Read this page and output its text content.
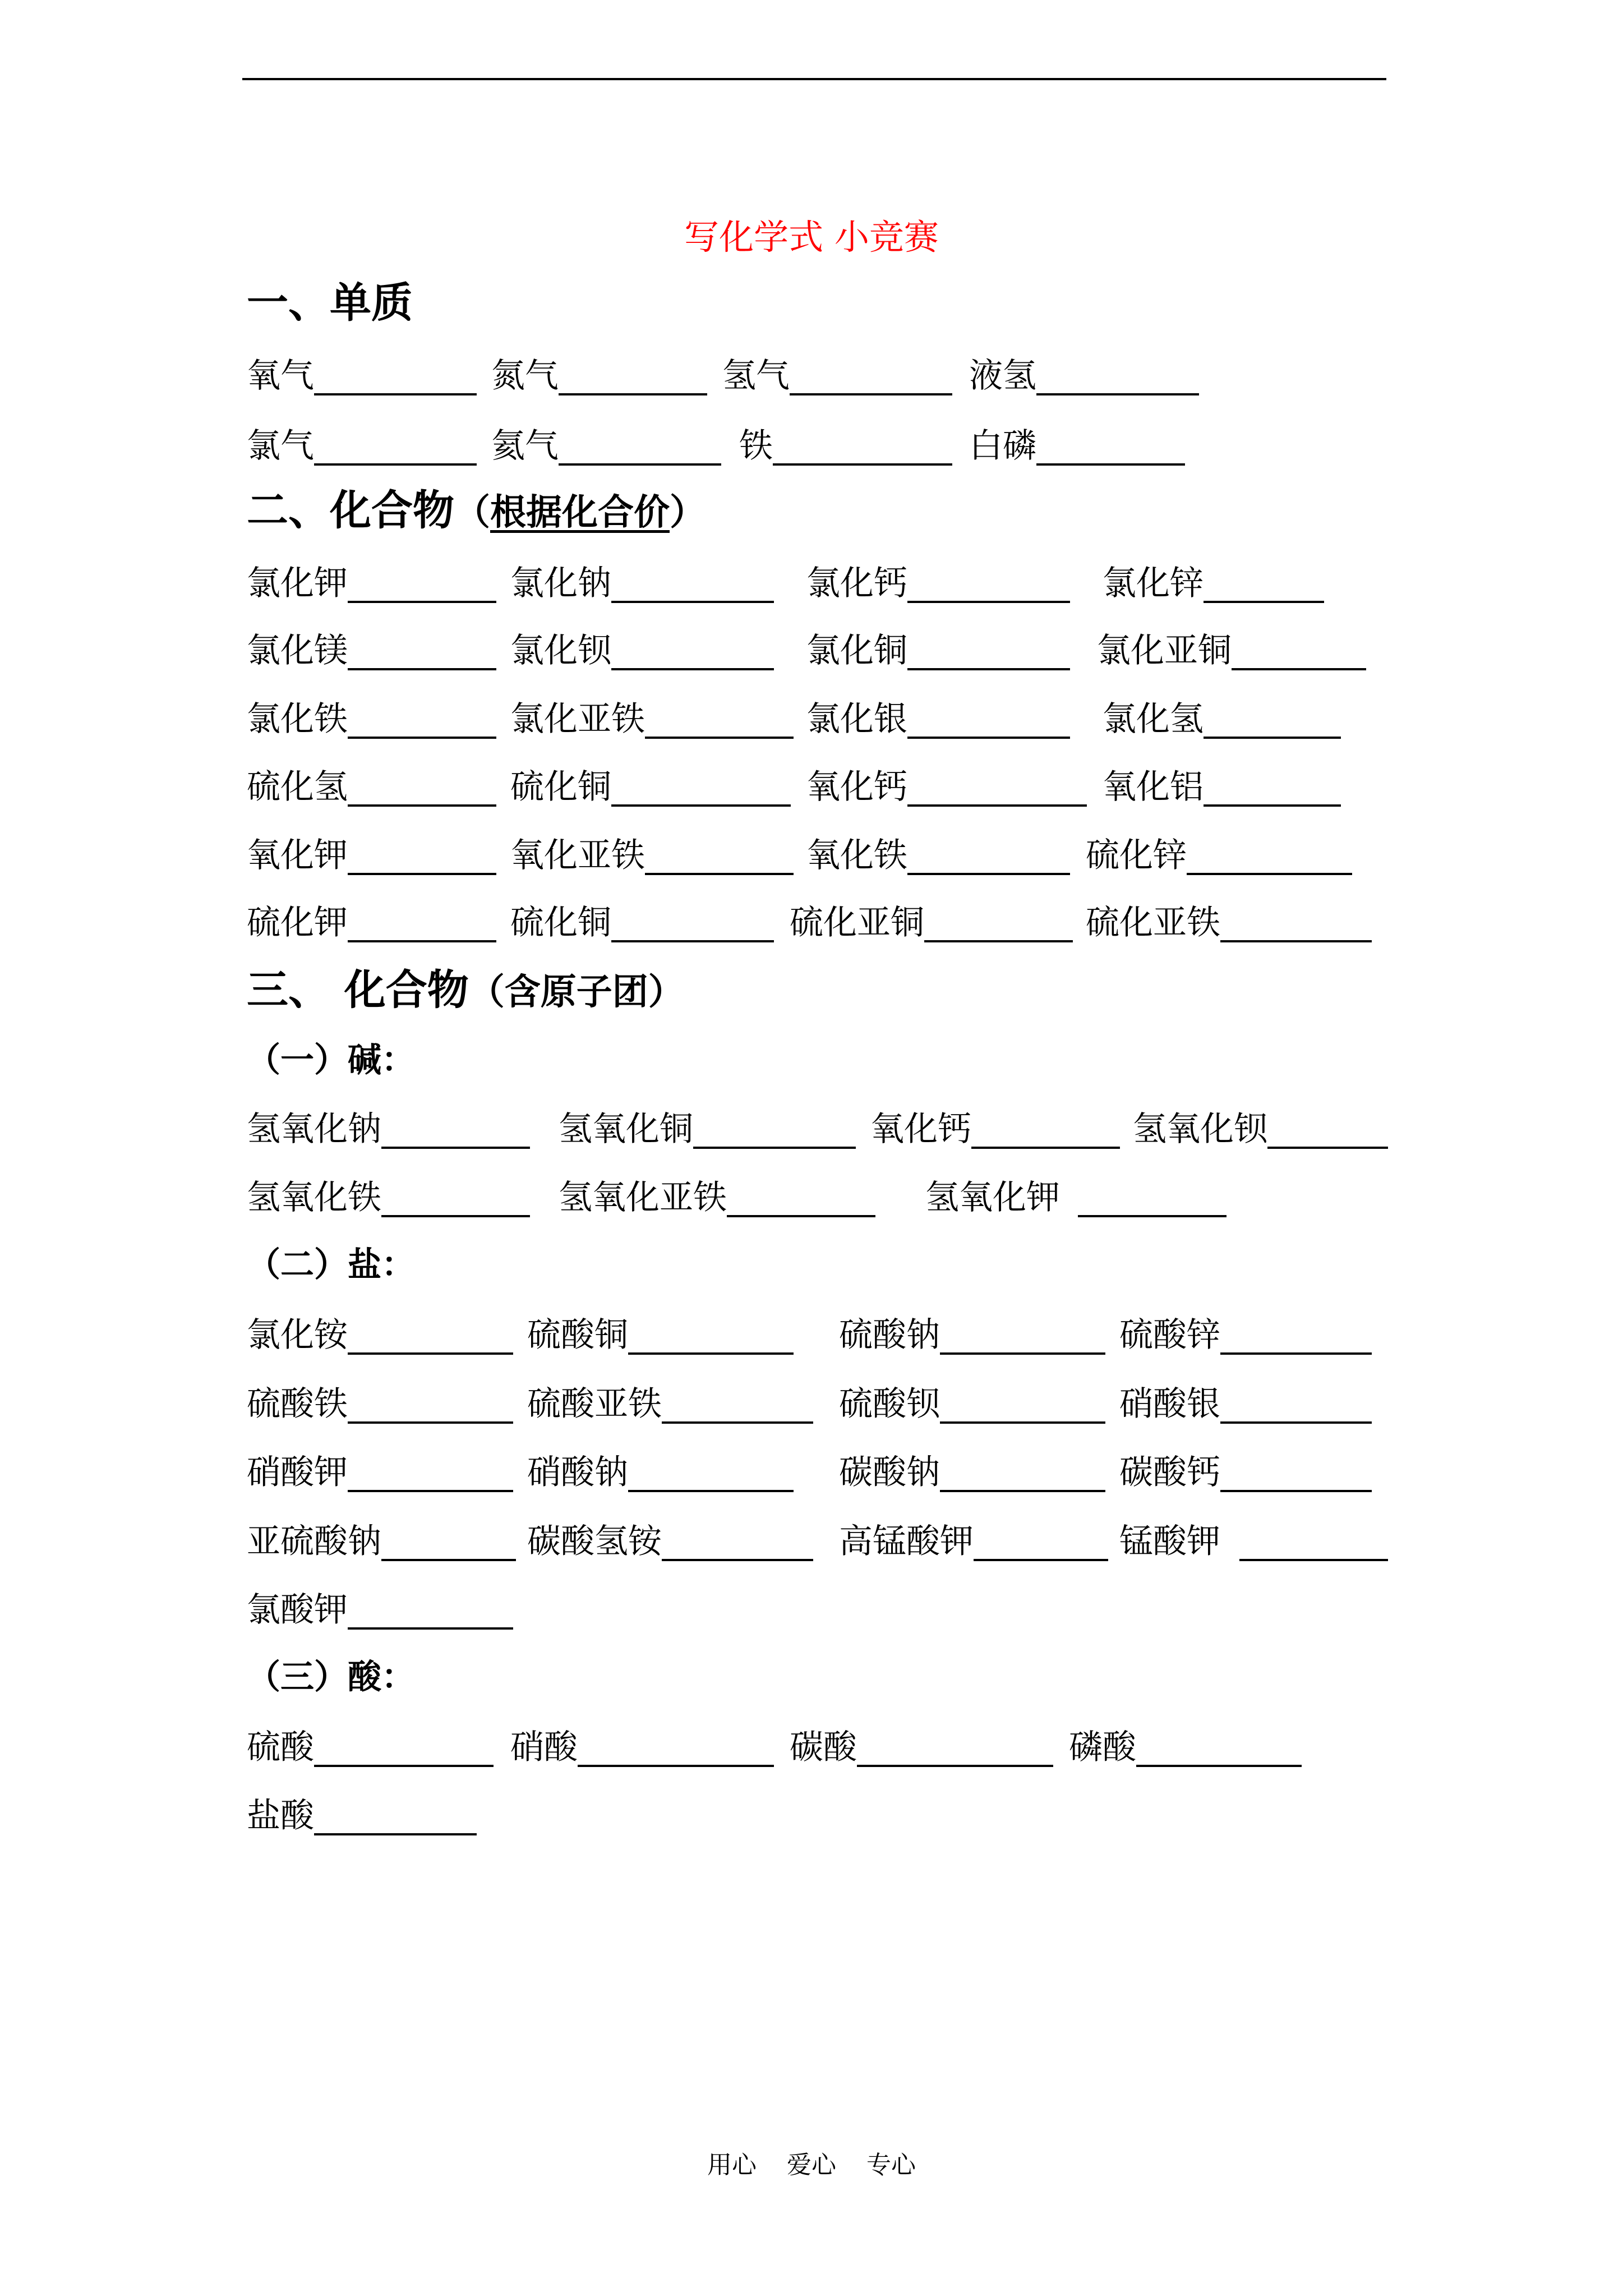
写化学式 小竞赛
一、单质
氧气	氮气	氢气	液氢
氯气	氦气	铁	白磷
二、化合物（根据化合价）
氯化钾	氯化钠	氯化钙	氯化锌
氯化镁	氯化钡	氯化铜	氯化亚铜
氯化铁	氯化亚铁	氯化银	氯化氢
硫化氢	硫化铜	氧化钙	氧化铝
氧化钾	氧化亚铁	氧化铁	硫化锌
硫化钾	硫化铜	硫化亚铜	硫化亚铁
三、 化合物（含原子团）
（一）碱：
氢氧化钠	氢氧化铜	氧化钙	氢氧化钡
氢氧化铁	氢氧化亚铁	氢氧化钾
（二）盐：
氯化铵	硫酸铜	硫酸钠	硫酸锌
硫酸铁	硫酸亚铁	硫酸钡	硝酸银
硝酸钾	硝酸钠	碳酸钠	碳酸钙
亚硫酸钠	碳酸氢铵	高锰酸钾	锰酸钾
氯酸钾
（三）酸：
硫酸	硝酸	碳酸	磷酸
盐酸
用心 爱心 专心
